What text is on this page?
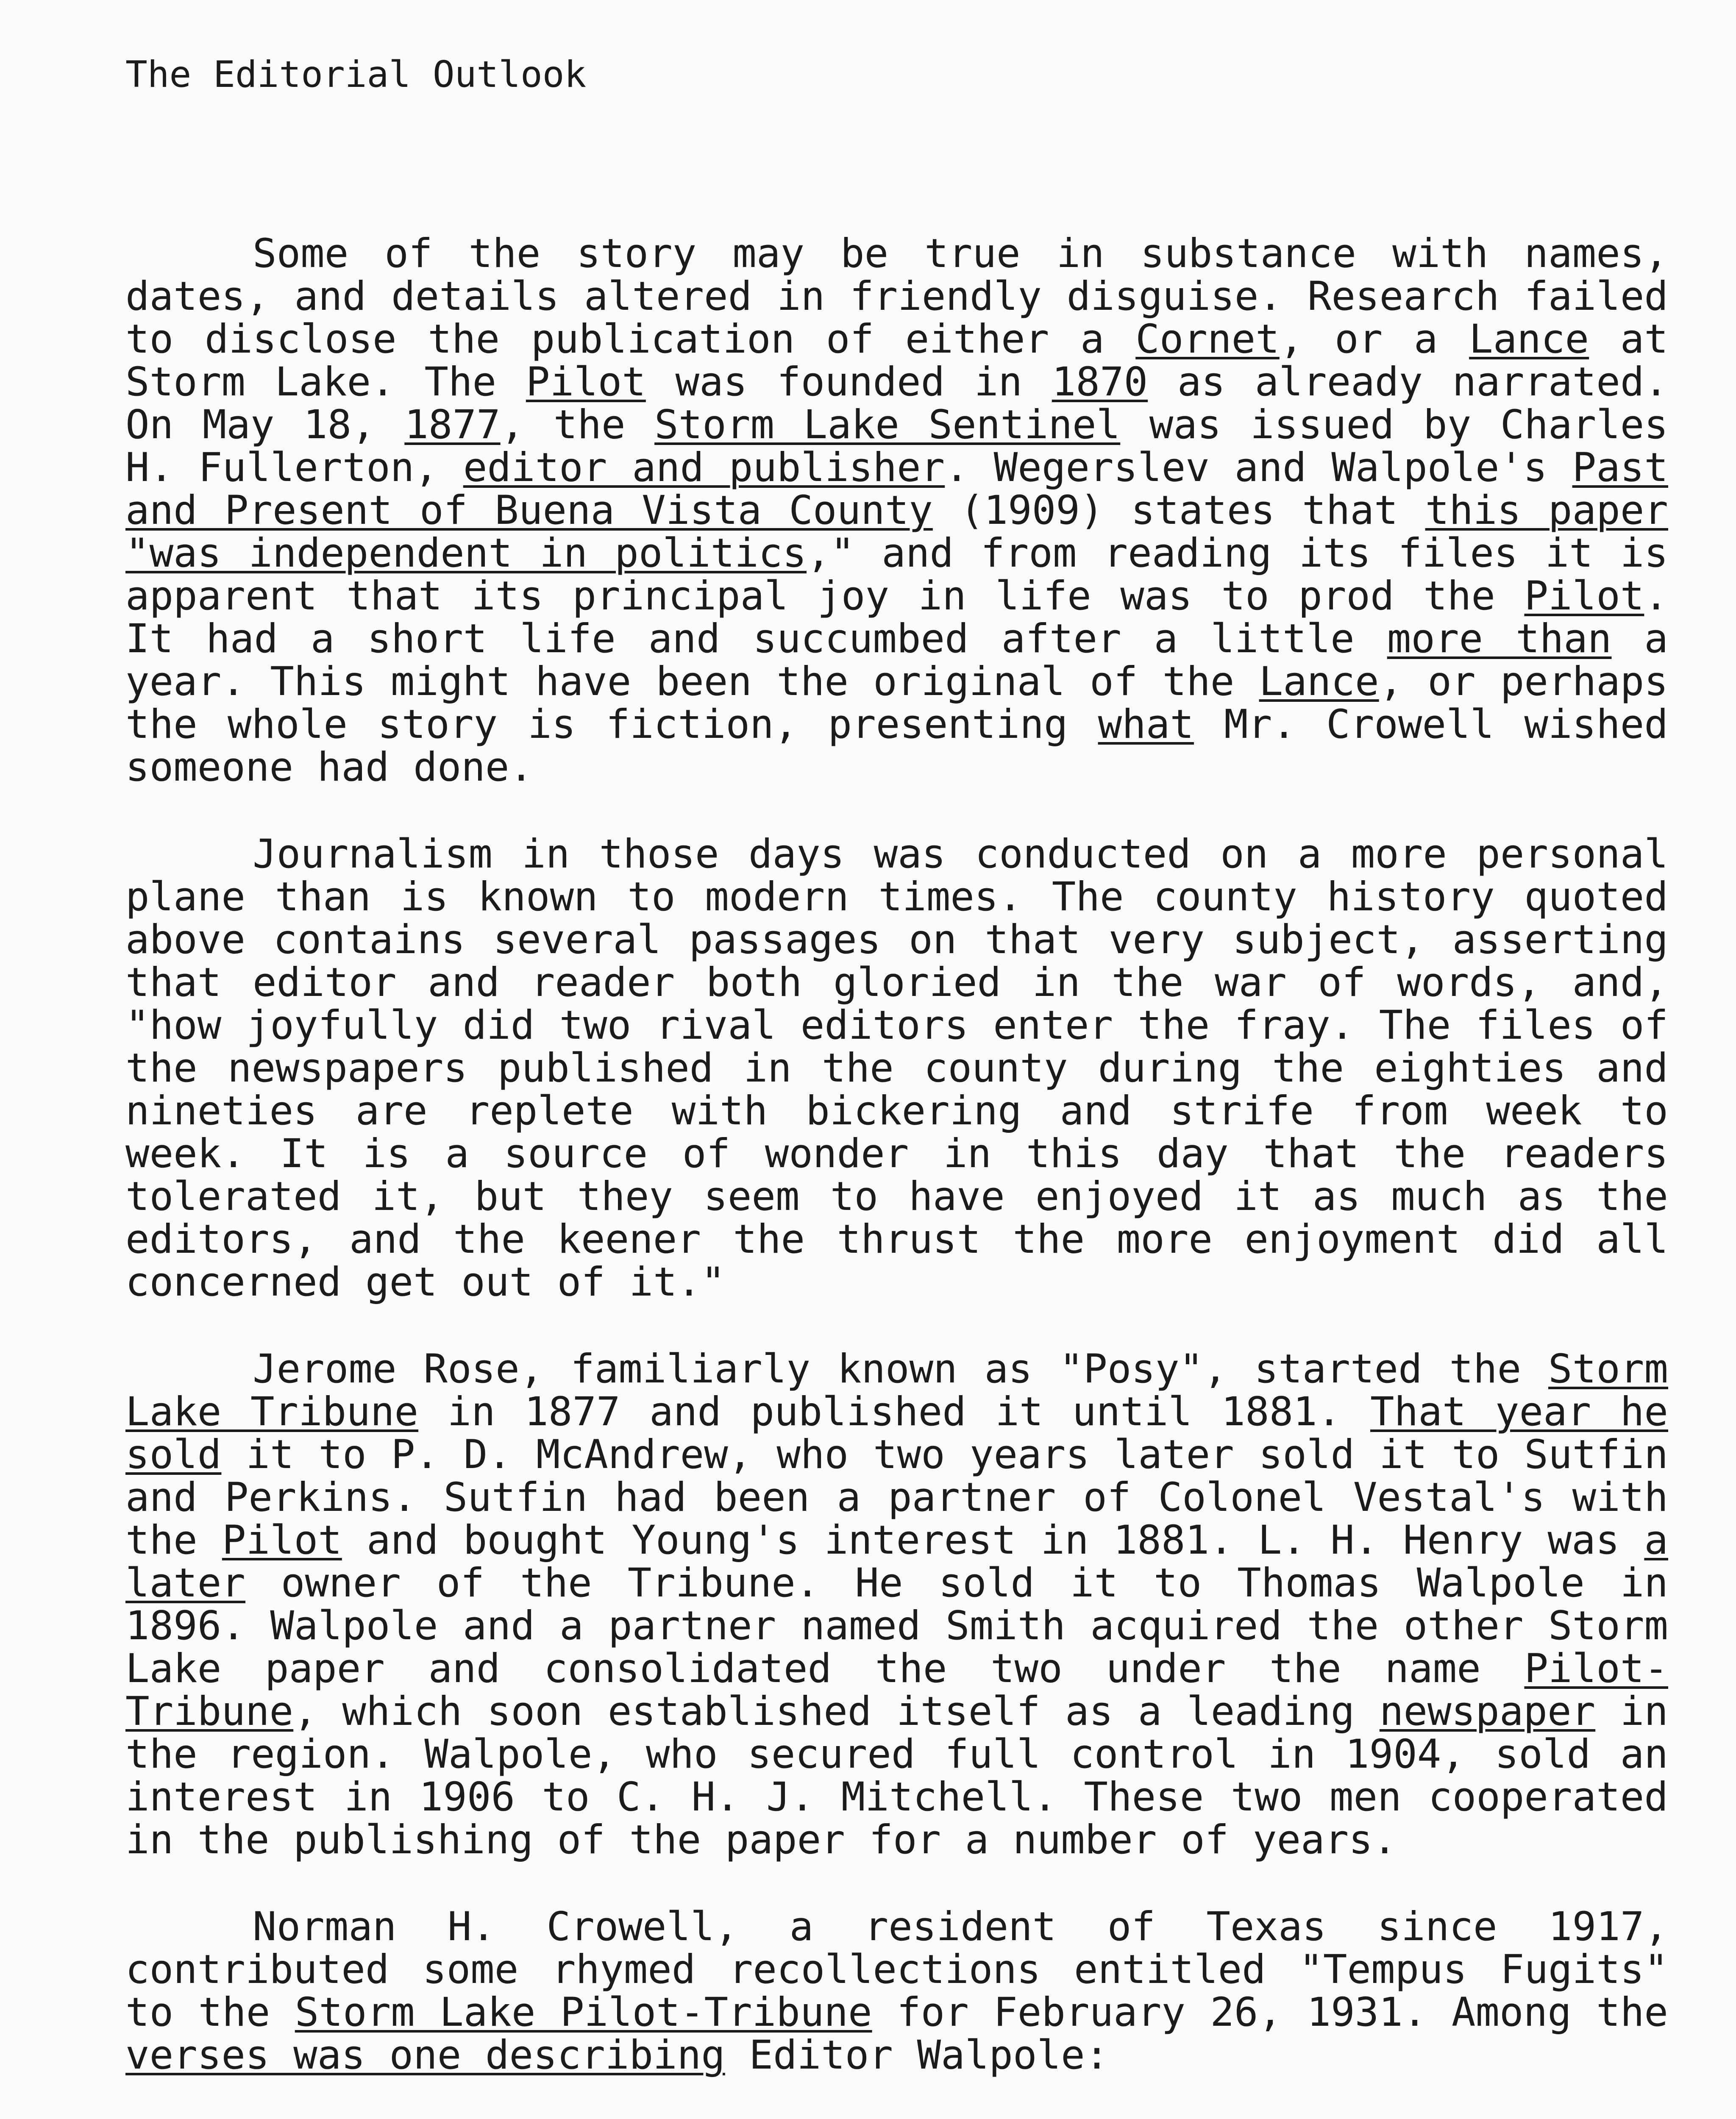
The Editorial Outlook

Some of the story may be true in substance with names, dates, and details altered in friendly disguise. Research failed to disclose the publication of either a Cornet, or a Lance at Storm Lake. The Pilot was founded in 1870 as already narrated. On May 18, 1877, the Storm Lake Sentinel was issued by Charles H. Fullerton, editor and publisher. Wegerslev and Walpole's Past and Present of Buena Vista County (1909) states that this paper "was independent in politics," and from reading its files it is apparent that its principal joy in life was to prod the Pilot. It had a short life and succumbed after a little more than a year. This might have been the original of the Lance, or perhaps the whole story is fiction, presenting what Mr. Crowell wished someone had done.

Journalism in those days was conducted on a more personal plane than is known to modern times. The county history quoted above contains several passages on that very subject, asserting that editor and reader both gloried in the war of words, and, "how joyfully did two rival editors enter the fray. The files of the newspapers published in the county during the eighties and nineties are replete with bickering and strife from week to week. It is a source of wonder in this day that the readers tolerated it, but they seem to have enjoyed it as much as the editors, and the keener the thrust the more enjoyment did all concerned get out of it."

Jerome Rose, familiarly known as "Posy", started the Storm Lake Tribune in 1877 and published it until 1881. That year he sold it to P. D. McAndrew, who two years later sold it to Sutfin and Perkins. Sutfin had been a partner of Colonel Vestal's with the Pilot and bought Young's interest in 1881. L. H. Henry was a later owner of the Tribune. He sold it to Thomas Walpole in 1896. Walpole and a partner named Smith acquired the other Storm Lake paper and consolidated the two under the name Pilot-Tribune, which soon established itself as a leading newspaper in the region. Walpole, who secured full control in 1904, sold an interest in 1906 to C. H. J. Mitchell. These two men cooperated in the publishing of the paper for a number of years.

Norman H. Crowell, a resident of Texas since 1917, contributed some rhymed recollections entitled "Tempus Fugits" to the Storm Lake Pilot-Tribune for February 26, 1931. Among the verses was one describing Editor Walpole:
